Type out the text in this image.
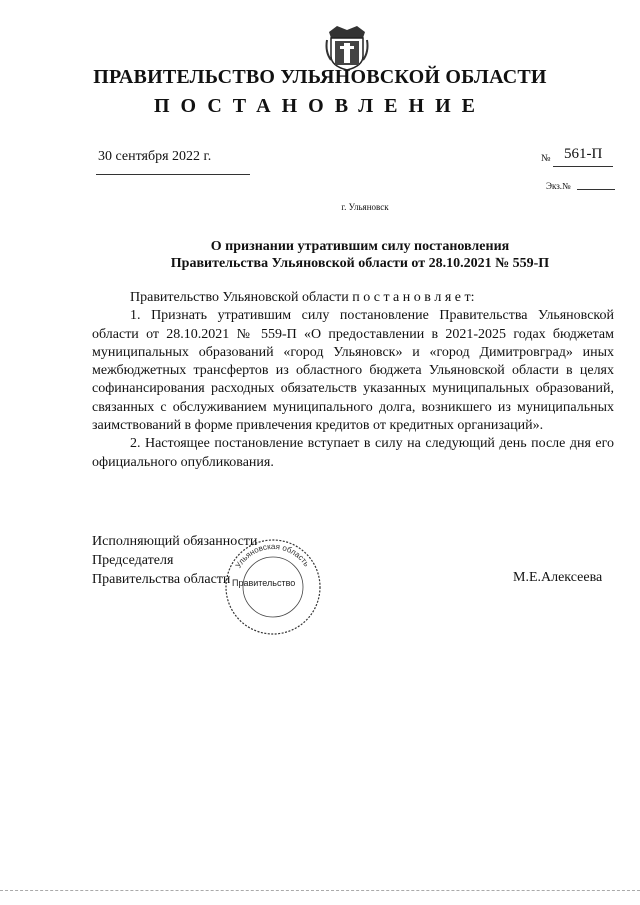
ПРАВИТЕЛЬСТВО УЛЬЯНОВСКОЙ ОБЛАСТИ
ПОСТАНОВЛЕНИЕ
30 сентября 2022 г.	№ 561-П
Экз.№
г. Ульяновск
О признании утратившим силу постановления
Правительства Ульяновской области от 28.10.2021 № 559-П

Правительство Ульяновской области п о с т а н о в л я е т:

1. Признать утратившим силу постановление Правительства Ульяновской области от 28.10.2021 № 559-П «О предоставлении в 2021-2025 годах бюджетам муниципальных образований «город Ульяновск» и «город Димитровград» иных межбюджетных трансфертов из областного бюджета Ульяновской области в целях софинансирования расходных обязательств указанных муниципальных образований, связанных с обслуживанием муниципального долга, возникшего из муниципальных заимствований в форме привлечения кредитов от кредитных организаций».

2. Настоящее постановление вступает в силу на следующий день после дня его официального опубликования.

Исполняющий обязанности
Председателя
Правительства области	М.Е.Алексеева
Ульяновская область
Правительство
